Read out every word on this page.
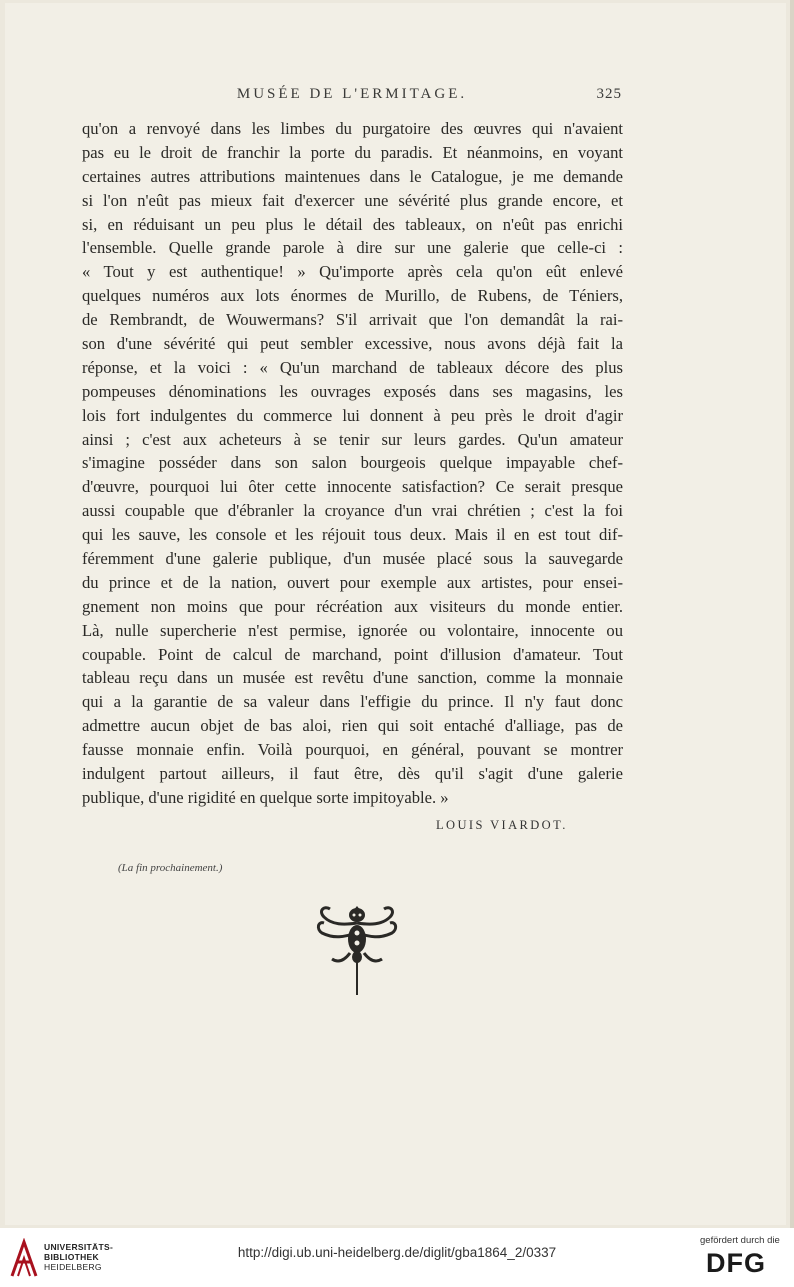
MUSÉE DE L'ERMITAGE.	325
qu'on a renvoyé dans les limbes du purgatoire des œuvres qui n'avaient
pas eu le droit de franchir la porte du paradis. Et néanmoins, en voyant
certaines autres attributions maintenues dans le Catalogue, je me demande
si l'on n'eût pas mieux fait d'exercer une sévérité plus grande encore, et
si, en réduisant un peu plus le détail des tableaux, on n'eût pas enrichi
l'ensemble. Quelle grande parole à dire sur une galerie que celle-ci :
« Tout y est authentique! » Qu'importe après cela qu'on eût enlevé
quelques numéros aux lots énormes de Murillo, de Rubens, de Téniers,
de Rembrandt, de Wouwermans? S'il arrivait que l'on demandât la rai-
son d'une sévérité qui peut sembler excessive, nous avons déjà fait la
réponse, et la voici : « Qu'un marchand de tableaux décore des plus
pompeuses dénominations les ouvrages exposés dans ses magasins, les
lois fort indulgentes du commerce lui donnent à peu près le droit d'agir
ainsi ; c'est aux acheteurs à se tenir sur leurs gardes. Qu'un amateur
s'imagine posséder dans son salon bourgeois quelque impayable chef-
d'œuvre, pourquoi lui ôter cette innocente satisfaction? Ce serait presque
aussi coupable que d'ébranler la croyance d'un vrai chrétien ; c'est la foi
qui les sauve, les console et les réjouit tous deux. Mais il en est tout dif-
féremment d'une galerie publique, d'un musée placé sous la sauvegarde
du prince et de la nation, ouvert pour exemple aux artistes, pour ensei-
gnement non moins que pour récréation aux visiteurs du monde entier.
Là, nulle supercherie n'est permise, ignorée ou volontaire, innocente ou
coupable. Point de calcul de marchand, point d'illusion d'amateur. Tout
tableau reçu dans un musée est revêtu d'une sanction, comme la monnaie
qui a la garantie de sa valeur dans l'effigie du prince. Il n'y faut donc
admettre aucun objet de bas aloi, rien qui soit entaché d'alliage, pas de
fausse monnaie enfin. Voilà pourquoi, en général, pouvant se montrer
indulgent partout ailleurs, il faut être, dès qu'il s'agit d'une galerie
publique, d'une rigidité en quelque sorte impitoyable. »
LOUIS VIARDOT.
(La fin prochainement.)
UNIVERSITÄTS-
BIBLIOTHEK
HEIDELBERG
http://digi.ub.uni-heidelberg.de/diglit/gba1864_2/0337
gefördert durch die
DFG
